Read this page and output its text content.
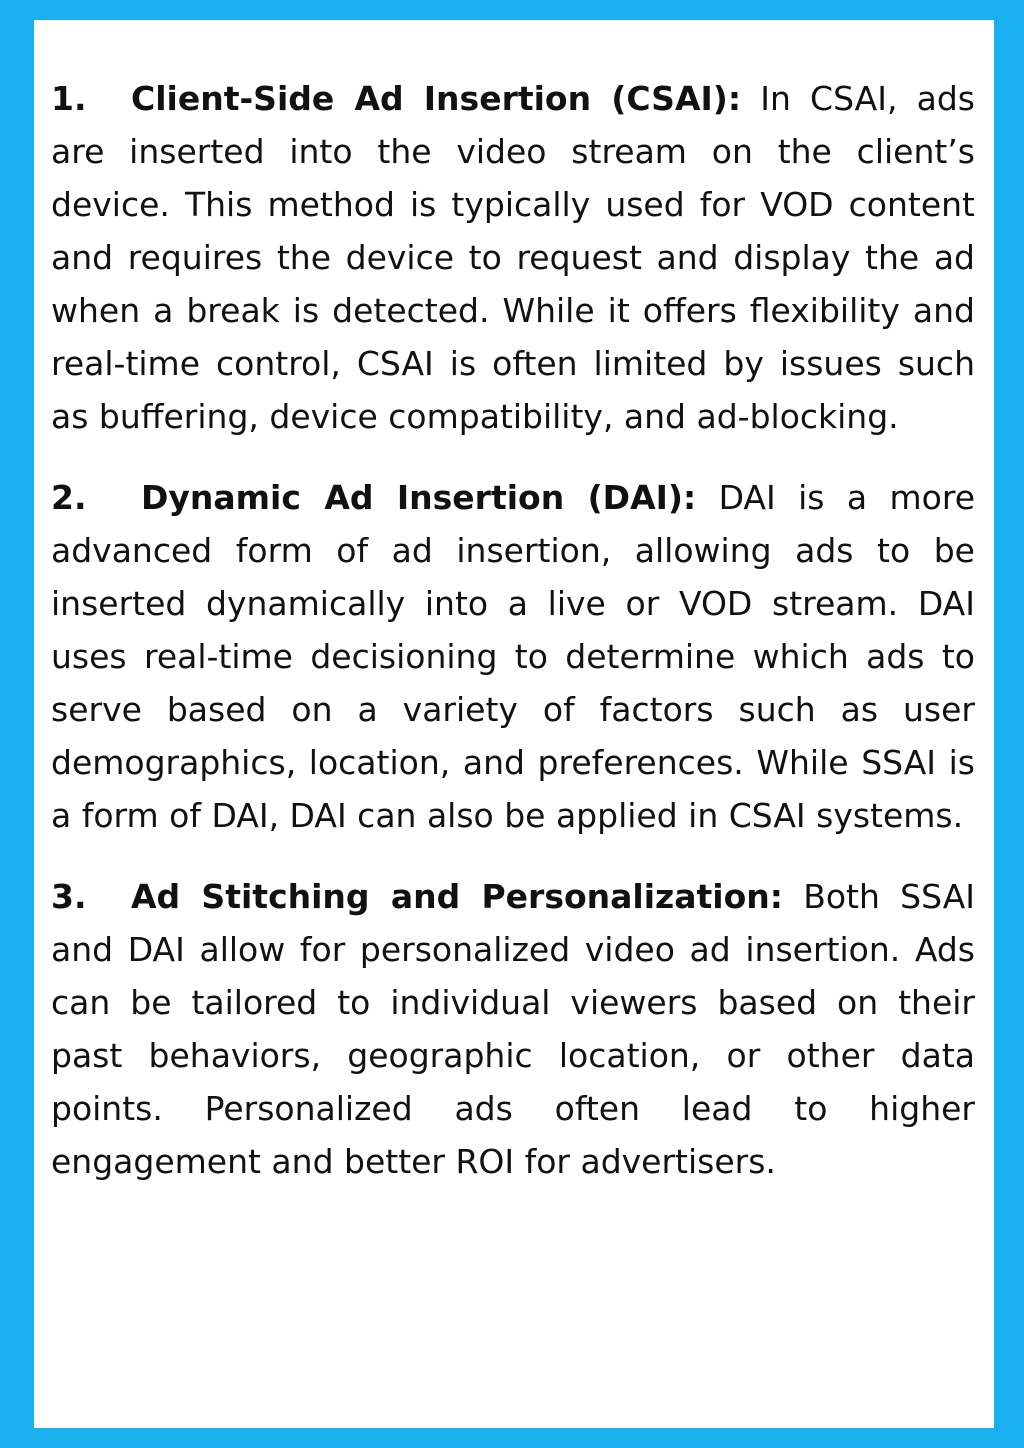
1. Client-Side Ad Insertion (CSAI): In CSAI, ads are inserted into the video stream on the client’s device. This method is typically used for VOD content and requires the device to request and display the ad when a break is detected. While it offers flexibility and real-time control, CSAI is often limited by issues such as buffering, device compatibility, and ad-blocking.

2. Dynamic Ad Insertion (DAI): DAI is a more advanced form of ad insertion, allowing ads to be inserted dynamically into a live or VOD stream. DAI uses real-time decisioning to determine which ads to serve based on a variety of factors such as user demographics, location, and preferences. While SSAI is a form of DAI, DAI can also be applied in CSAI systems.

3. Ad Stitching and Personalization: Both SSAI and DAI allow for personalized video ad insertion. Ads can be tailored to individual viewers based on their past behaviors, geographic location, or other data points. Personalized ads often lead to higher engagement and better ROI for advertisers.
